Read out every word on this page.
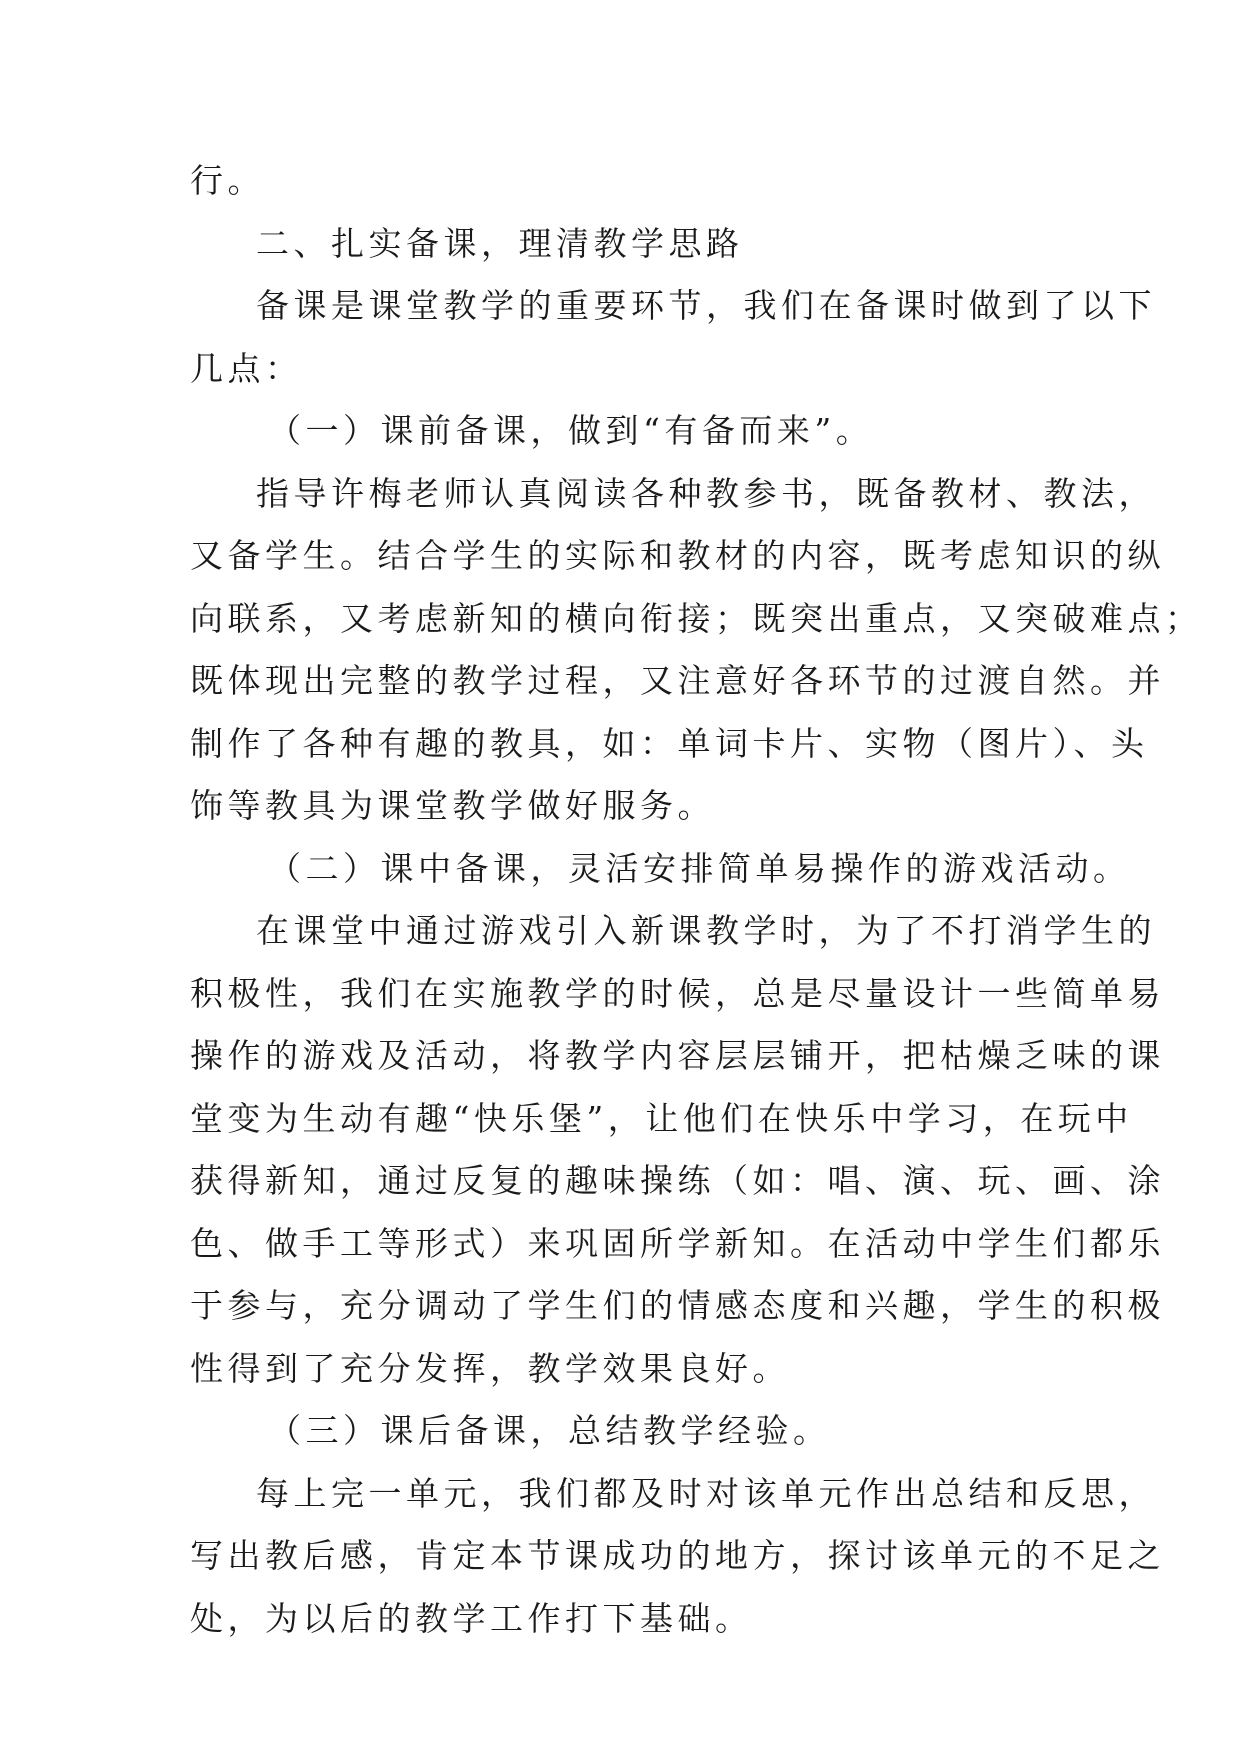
行。
二、扎实备课，理清教学思路
备课是课堂教学的重要环节，我们在备课时做到了以下
几点：
（一）课前备课，做到“有备而来”。
指导许梅老师认真阅读各种教参书，既备教材、教法，
又备学生。结合学生的实际和教材的内容，既考虑知识的纵
向联系，又考虑新知的横向衔接；既突出重点，又突破难点；
既体现出完整的教学过程，又注意好各环节的过渡自然。并
制作了各种有趣的教具，如：单词卡片、实物（图片）、头
饰等教具为课堂教学做好服务。
（二）课中备课，灵活安排简单易操作的游戏活动。
在课堂中通过游戏引入新课教学时，为了不打消学生的
积极性，我们在实施教学的时候，总是尽量设计一些简单易
操作的游戏及活动，将教学内容层层铺开，把枯燥乏味的课
堂变为生动有趣“快乐堡”，让他们在快乐中学习，在玩中
获得新知，通过反复的趣味操练（如：唱、演、玩、画、涂
色、做手工等形式）来巩固所学新知。在活动中学生们都乐
于参与，充分调动了学生们的情感态度和兴趣，学生的积极
性得到了充分发挥，教学效果良好。
（三）课后备课，总结教学经验。
每上完一单元，我们都及时对该单元作出总结和反思，
写出教后感，肯定本节课成功的地方，探讨该单元的不足之
处，为以后的教学工作打下基础。
